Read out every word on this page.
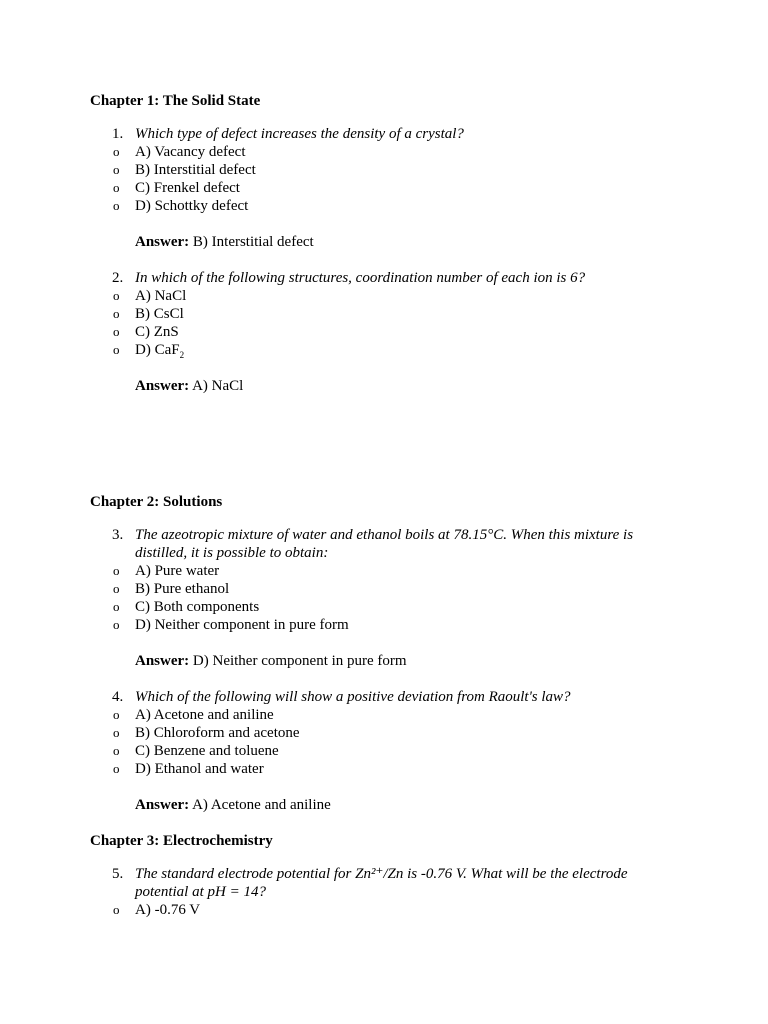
Chapter 1: The Solid State
1. Which type of defect increases the density of a crystal?
o A) Vacancy defect
o B) Interstitial defect
o C) Frenkel defect
o D) Schottky defect
Answer: B) Interstitial defect
2. In which of the following structures, coordination number of each ion is 6?
o A) NaCl
o B) CsCl
o C) ZnS
o D) CaF$_2$
Answer: A) NaCl
Chapter 2: Solutions
3. The azeotropic mixture of water and ethanol boils at 78.15°C. When this mixture is distilled, it is possible to obtain:
o A) Pure water
o B) Pure ethanol
o C) Both components
o D) Neither component in pure form
Answer: D) Neither component in pure form
4. Which of the following will show a positive deviation from Raoult's law?
o A) Acetone and aniline
o B) Chloroform and acetone
o C) Benzene and toluene
o D) Ethanol and water
Answer: A) Acetone and aniline
Chapter 3: Electrochemistry
5. The standard electrode potential for Zn²⁺/Zn is -0.76 V. What will be the electrode potential at pH = 14?
o A) -0.76 V
